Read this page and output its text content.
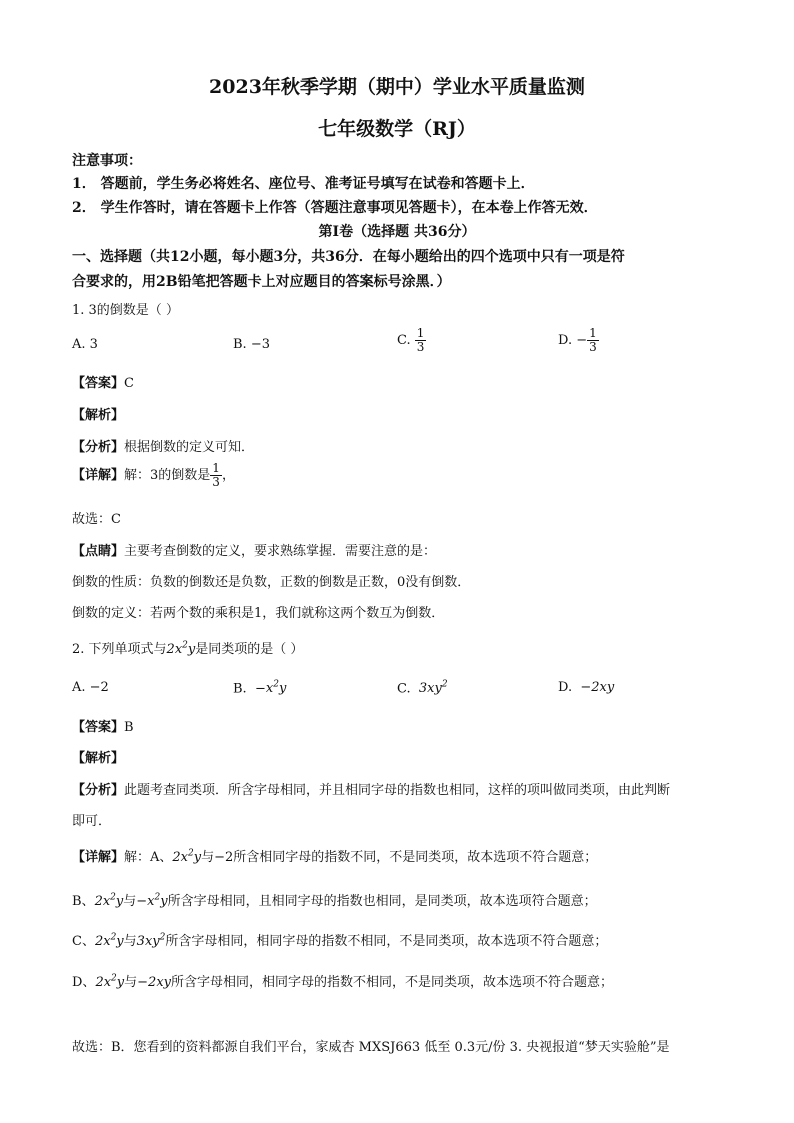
2023年秋季学期（期中）学业水平质量监测
七年级数学（RJ）
注意事项：
1． 答题前，学生务必将姓名、座位号、准考证号填写在试卷和答题卡上．
2． 学生作答时，请在答题卡上作答（答题注意事项见答题卡），在本卷上作答无效．
第Ⅰ卷（选择题 共36分）
一、选择题（共12小题，每小题3分，共36分．在每小题给出的四个选项中只有一项是符
合要求的，用2B铅笔把答题卡上对应题目的答案标号涂黑．）
1. 3的倒数是（ ）
A. 3	B. −3	C. $\frac{1}{3}$	D. − $\frac{1}{3}$
【答案】C
【解析】
【分析】根据倒数的定义可知．
【详解】解：3的倒数是 $\frac{1}{3}$ ，
故选：C
【点睛】主要考查倒数的定义，要求熟练掌握．需要注意的是：
倒数的性质：负数的倒数还是负数，正数的倒数是正数，0没有倒数．
倒数的定义：若两个数的乘积是1，我们就称这两个数互为倒数．
2. 下列单项式与$2x^2y$是同类项的是（ ）
A. −2	B.  $-x^2y$	C. $3xy^2$	D.  −2xy
【答案】B
【解析】
【分析】此题考查同类项．所含字母相同，并且相同字母的指数也相同，这样的项叫做同类项，由此判断
即可．
【详解】解：A、$2x^2y$与−2所含相同字母的指数不同，不是同类项，故本选项不符合题意；
B、$2x^2y$与$-x^2y$所含字母相同，且相同字母的指数也相同，是同类项，故本选项符合题意；
C、$2x^2y$与$3xy^2$所含字母相同，相同字母的指数不相同，不是同类项，故本选项不符合题意；
D、$2x^2y$与−2xy所含字母相同，相同字母的指数不相同，不是同类项，故本选项不符合题意；
故选：B．您看到的资料都源自我们平台，家威杏 MXSJ663 低至 0.3元/份 3. 央视报道“梦天实验舱”是
